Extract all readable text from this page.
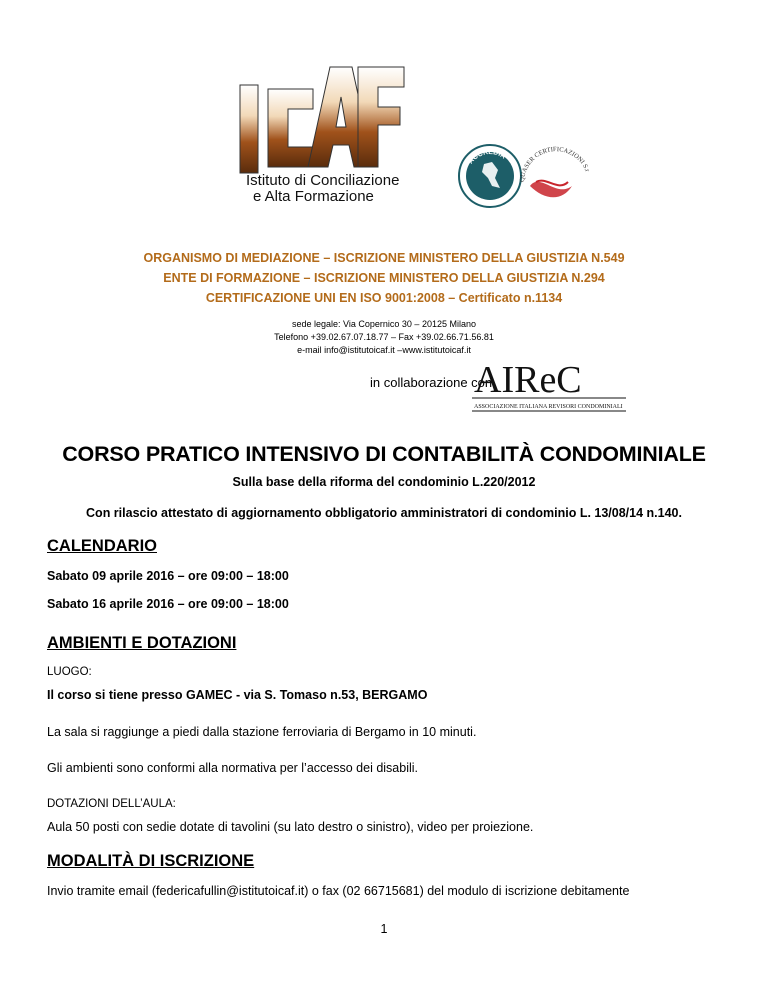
Istituto di Conciliazione
e Alta Formazione
ACCREDIA
QUASER CERTIFICAZIONI S.r
ORGANISMO DI MEDIAZIONE – ISCRIZIONE MINISTERO DELLA GIUSTIZIA N.549
ENTE DI FORMAZIONE – ISCRIZIONE MINISTERO DELLA GIUSTIZIA N.294
CERTIFICAZIONE UNI EN ISO 9001:2008 – Certificato n.1134
sede legale: Via Copernico 30 – 20125 Milano
Telefono +39.02.67.07.18.77 – Fax +39.02.66.71.56.81
e-mail info@istitutoicaf.it –www.istitutoicaf.it
in collaborazione con
AIReC
ASSOCIAZIONE ITALIANA REVISORI CONDOMINIALI
CORSO PRATICO INTENSIVO DI CONTABILITÀ CONDOMINIALE
Sulla base della riforma del condominio L.220/2012
Con rilascio attestato di aggiornamento obbligatorio amministratori di condominio L. 13/08/14 n.140.
CALENDARIO
Sabato 09 aprile 2016 – ore 09:00 – 18:00
Sabato 16 aprile 2016 – ore 09:00 – 18:00
AMBIENTI E DOTAZIONI
LUOGO:
Il corso si tiene presso GAMEC - via S. Tomaso n.53, BERGAMO
La sala si raggiunge a piedi dalla stazione ferroviaria di Bergamo in 10 minuti.
Gli ambienti sono conformi alla normativa per l’accesso dei disabili.
DOTAZIONI DELL’AULA:
Aula 50 posti con sedie dotate di tavolini (su lato destro o sinistro), video per proiezione.
MODALITÀ DI ISCRIZIONE
Invio tramite email (federicafullin@istitutoicaf.it) o fax (02 66715681) del modulo di iscrizione debitamente
1
